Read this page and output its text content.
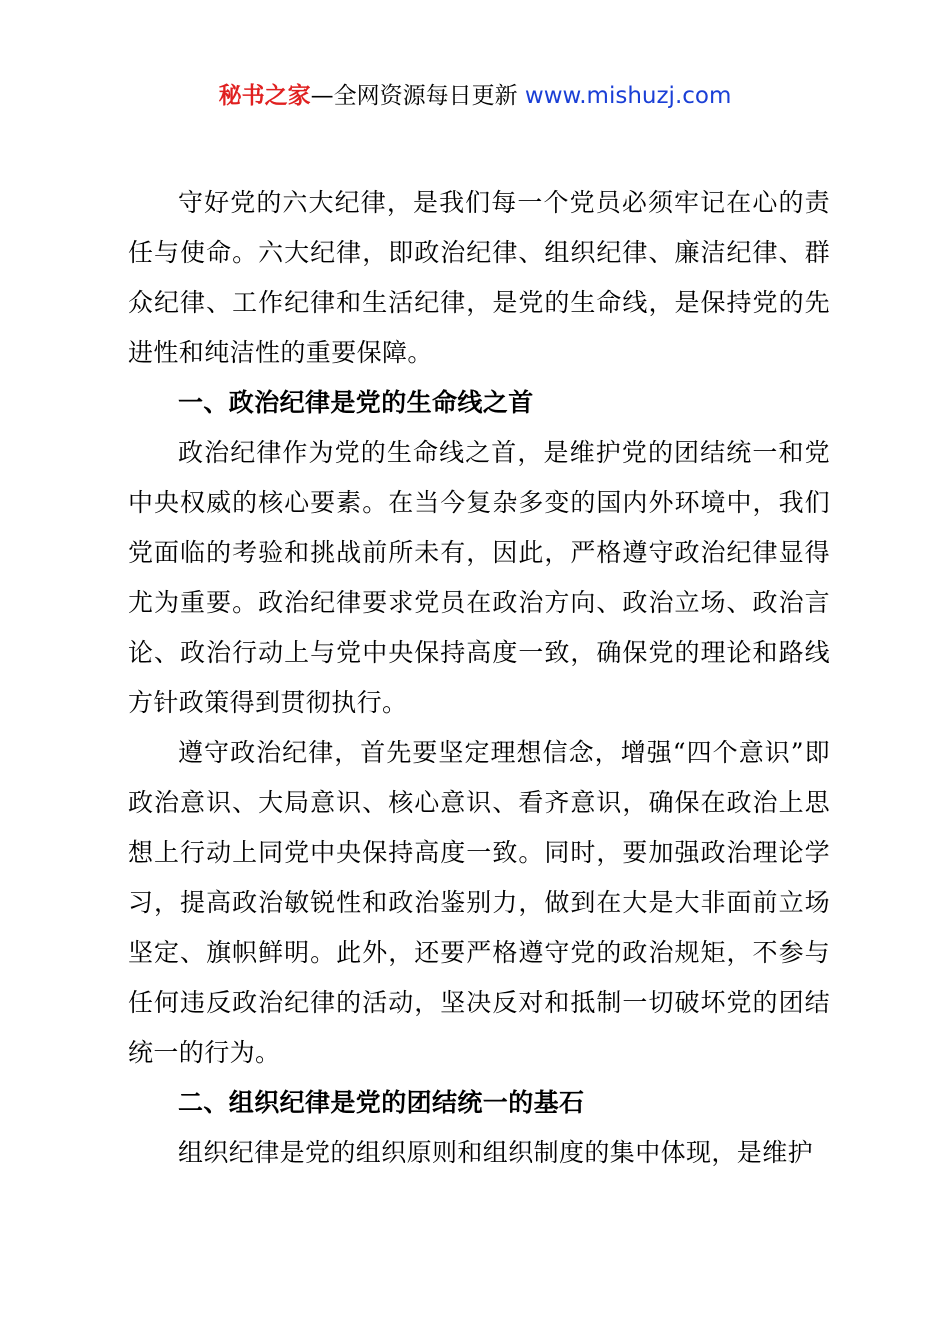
秘书之家—全网资源每日更新 www.mishuzj.com

守好党的六大纪律，是我们每一个党员必须牢记在心的责任与使命。六大纪律，即政治纪律、组织纪律、廉洁纪律、群众纪律、工作纪律和生活纪律，是党的生命线，是保持党的先进性和纯洁性的重要保障。

一、政治纪律是党的生命线之首

政治纪律作为党的生命线之首，是维护党的团结统一和党中央权威的核心要素。在当今复杂多变的国内外环境中，我们党面临的考验和挑战前所未有，因此，严格遵守政治纪律显得尤为重要。政治纪律要求党员在政治方向、政治立场、政治言论、政治行动上与党中央保持高度一致，确保党的理论和路线方针政策得到贯彻执行。

遵守政治纪律，首先要坚定理想信念，增强“四个意识”即政治意识、大局意识、核心意识、看齐意识，确保在政治上思想上行动上同党中央保持高度一致。同时，要加强政治理论学习，提高政治敏锐性和政治鉴别力，做到在大是大非面前立场坚定、旗帜鲜明。此外，还要严格遵守党的政治规矩，不参与任何违反政治纪律的活动，坚决反对和抵制一切破坏党的团结统一的行为。

二、组织纪律是党的团结统一的基石

组织纪律是党的组织原则和组织制度的集中体现，是维护
